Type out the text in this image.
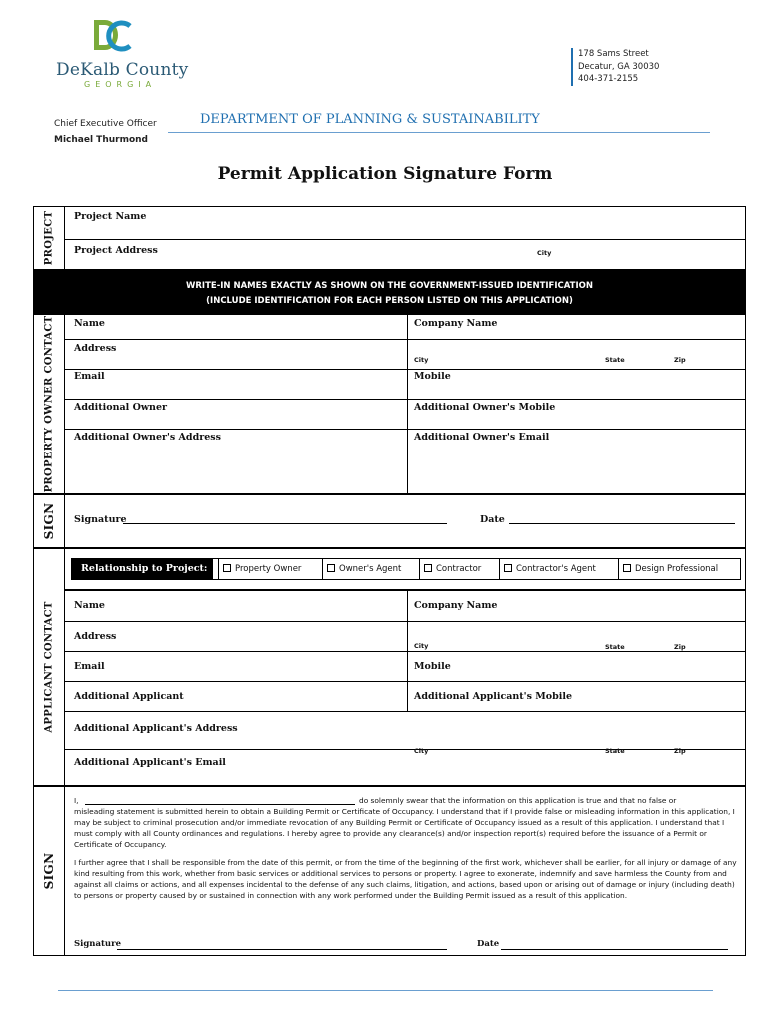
DeKalb County
GEORGIA
178 Sams Street
Decatur, GA 30030
404-371-2155
Chief Executive Officer
Michael Thurmond
DEPARTMENT OF PLANNING & SUSTAINABILITY
Permit Application Signature Form
PROJECT Project Name
Project Address	City
WRITE-IN NAMES EXACTLY AS SHOWN ON THE GOVERNMENT-ISSUED IDENTIFICATION
(INCLUDE IDENTIFICATION FOR EACH PERSON LISTED ON THIS APPLICATION)
PROPERTY OWNER CONTACT Name	Company Name
Address
City	State	Zip
Email	Mobile
Additional Owner	Additional Owner's Mobile
Additional Owner's Address	Additional Owner's Email
SIGN Signature	Date
Relationship to Project:	Property Owner	Owner's Agent	Contractor	Contractor's Agent	Design Professional
APPLICANT CONTACT Name	Company Name
Address
City	State	Zip
Email	Mobile
Additional Applicant	Additional Applicant's Mobile
Additional Applicant's Address
City	State	Zip
Additional Applicant's Email
SIGN
I,	do solemnly swear that the information on this application is true and that no false or
misleading statement is submitted herein to obtain a Building Permit or Certificate of Occupancy. I understand that if I provide false or misleading information in this application, I may be subject to criminal prosecution and/or immediate revocation of any Building Permit or Certificate of Occupancy issued as a result of this application. I understand that I must comply with all County ordinances and regulations. I hereby agree to provide any clearance(s) and/or inspection report(s) required before the issuance of a Permit or Certificate of Occupancy.
I further agree that I shall be responsible from the date of this permit, or from the time of the beginning of the first work, whichever shall be earlier, for all injury or damage of any kind resulting from this work, whether from basic services or additional services to persons or property. I agree to exonerate, indemnify and save harmless the County from and against all claims or actions, and all expenses incidental to the defense of any such claims, litigation, and actions, based upon or arising out of damage or injury (including death) to persons or property caused by or sustained in connection with any work performed under the Building Permit issued as a result of this application.
Signature	Date
